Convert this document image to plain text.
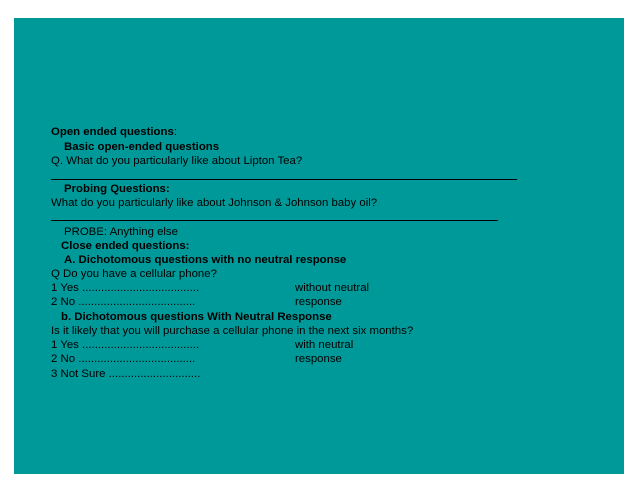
Open ended questions:
Basic open-ended questions
Q. What do you particularly like about Lipton Tea?
Probing Questions:
What do you particularly like about Johnson & Johnson baby oil?
PROBE: Anything else
Close ended questions:
A. Dichotomous questions with no neutral response
Q Do you have a cellular phone?
1 Yes .....................................	without neutral
2 No .....................................	response
b. Dichotomous questions With Neutral Response
Is it likely that you will purchase a cellular phone in the next six months?
1 Yes .....................................	with neutral
2 No .....................................	response
3 Not Sure .............................
